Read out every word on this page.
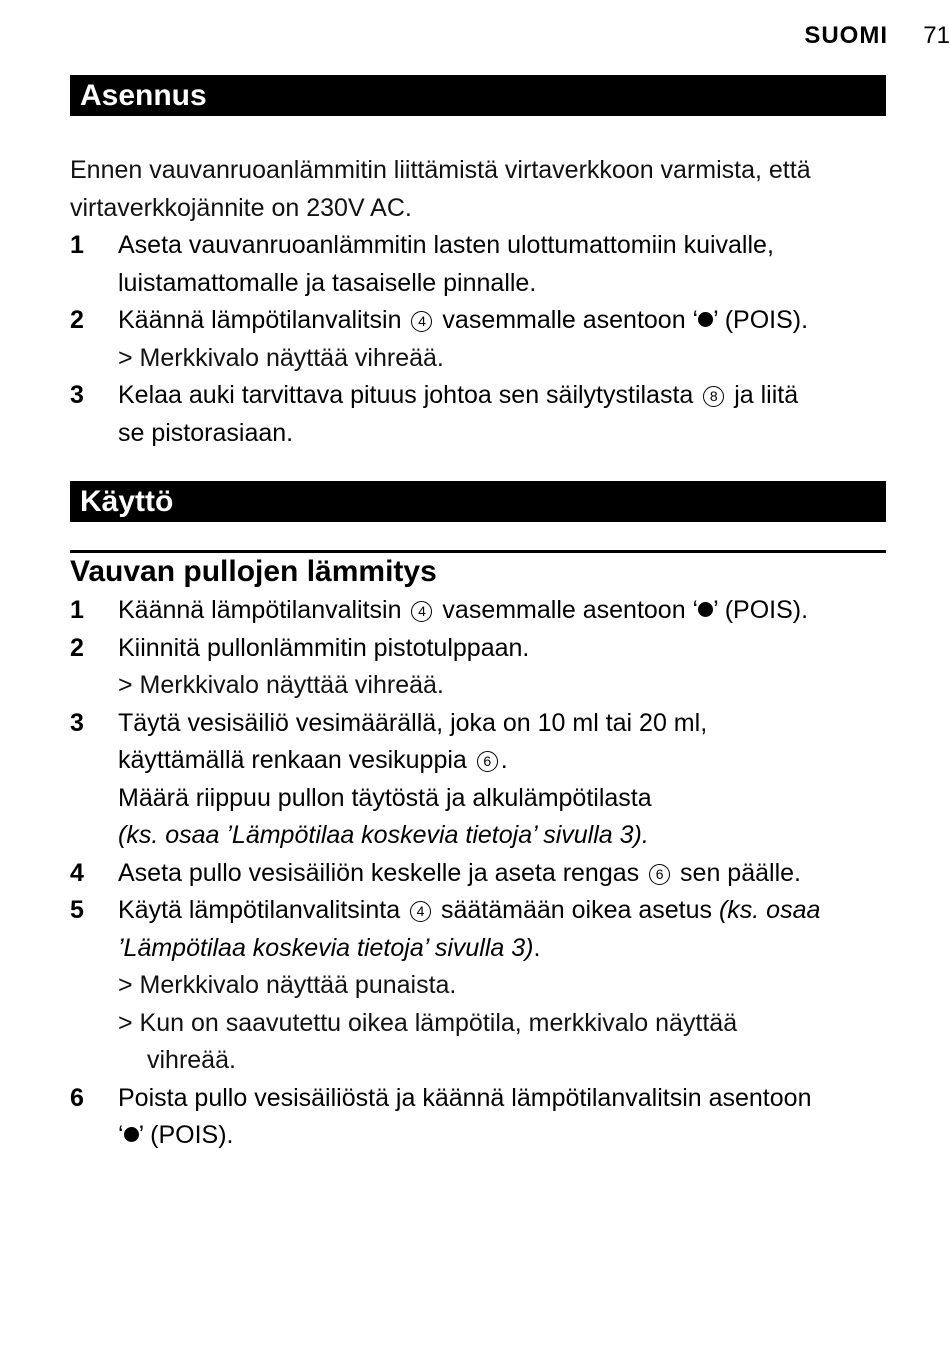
SUOMI 71
Asennus
Ennen vauvanruoanlämmitin liittämistä virtaverkkoon varmista, että
virtaverkkojännite on 230V AC.
1 Aseta vauvanruoanlämmitin lasten ulottumattomiin kuivalle,
luistamattomalle ja tasaiselle pinnalle.
2 Käännä lämpötilanvalitsin 4 vasemmalle asentoon ‘ ’ (POIS).
> Merkkivalo näyttää vihreää.
3 Kelaa auki tarvittava pituus johtoa sen säilytystilasta 8 ja liitä
se pistorasiaan.
Käyttö
Vauvan pullojen lämmitys
1 Käännä lämpötilanvalitsin 4 vasemmalle asentoon ‘ ’ (POIS).
2 Kiinnitä pullonlämmitin pistotulppaan.
> Merkkivalo näyttää vihreää.
3 Täytä vesisäiliö vesimäärällä, joka on 10 ml tai 20 ml,
käyttämällä renkaan vesikuppia 6 .
Määrä riippuu pullon täytöstä ja alkulämpötilasta
(ks. osaa ’Lämpötilaa koskevia tietoja’ sivulla 3).
4 Aseta pullo vesisäiliön keskelle ja aseta rengas 6 sen päälle.
5 Käytä lämpötilanvalitsinta 4 säätämään oikea asetus (ks. osaa
’Lämpötilaa koskevia tietoja’ sivulla 3).
> Merkkivalo näyttää punaista.
> Kun on saavutettu oikea lämpötila, merkkivalo näyttää
vihreää.
6 Poista pullo vesisäiliöstä ja käännä lämpötilanvalitsin asentoon
‘ ’ (POIS).
